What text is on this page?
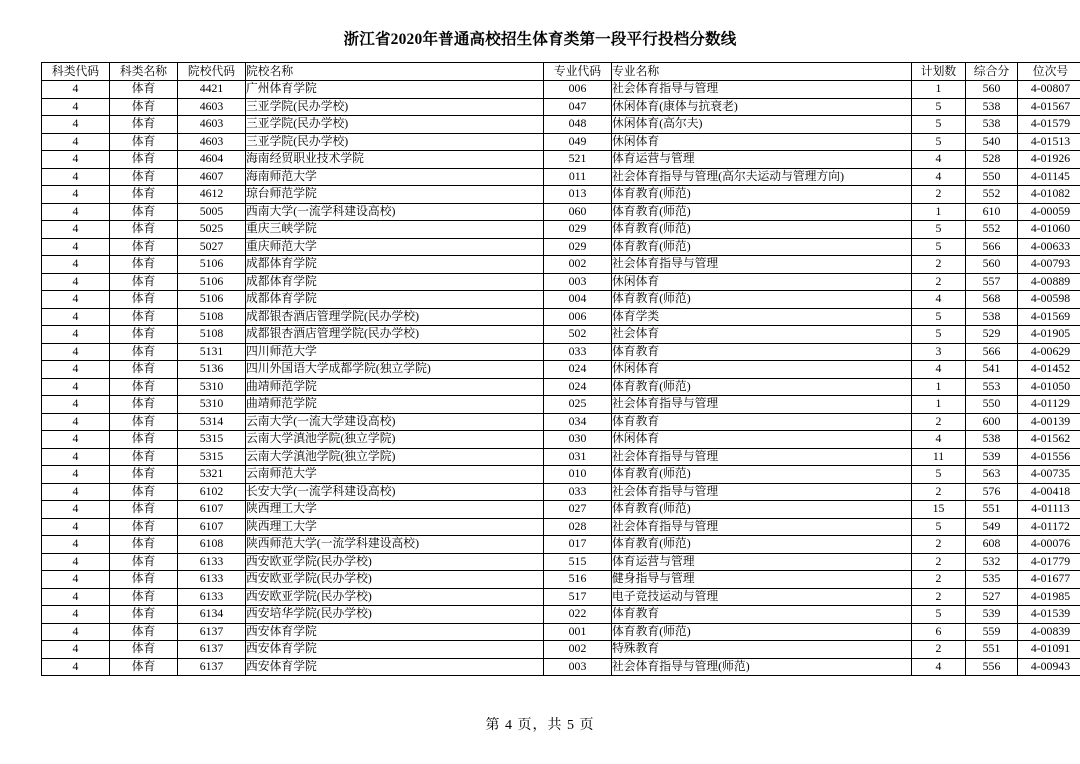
浙江省2020年普通高校招生体育类第一段平行投档分数线
科类代码	科类名称	院校代码	院校名称	专业代码	专业名称	计划数	综合分	位次号
4	体育	4421	广州体育学院	006	社会体育指导与管理	1	560	4-00807
4	体育	4603	三亚学院(民办学校)	047	休闲体育(康体与抗衰老)	5	538	4-01567
4	体育	4603	三亚学院(民办学校)	048	休闲体育(高尔夫)	5	538	4-01579
4	体育	4603	三亚学院(民办学校)	049	休闲体育	5	540	4-01513
4	体育	4604	海南经贸职业技术学院	521	体育运营与管理	4	528	4-01926
4	体育	4607	海南师范大学	011	社会体育指导与管理(高尔夫运动与管理方向)	4	550	4-01145
4	体育	4612	琼台师范学院	013	体育教育(师范)	2	552	4-01082
4	体育	5005	西南大学(一流学科建设高校)	060	体育教育(师范)	1	610	4-00059
4	体育	5025	重庆三峡学院	029	体育教育(师范)	5	552	4-01060
4	体育	5027	重庆师范大学	029	体育教育(师范)	5	566	4-00633
4	体育	5106	成都体育学院	002	社会体育指导与管理	2	560	4-00793
4	体育	5106	成都体育学院	003	休闲体育	2	557	4-00889
4	体育	5106	成都体育学院	004	体育教育(师范)	4	568	4-00598
4	体育	5108	成都银杏酒店管理学院(民办学校)	006	体育学类	5	538	4-01569
4	体育	5108	成都银杏酒店管理学院(民办学校)	502	社会体育	5	529	4-01905
4	体育	5131	四川师范大学	033	体育教育	3	566	4-00629
4	体育	5136	四川外国语大学成都学院(独立学院)	024	休闲体育	4	541	4-01452
4	体育	5310	曲靖师范学院	024	体育教育(师范)	1	553	4-01050
4	体育	5310	曲靖师范学院	025	社会体育指导与管理	1	550	4-01129
4	体育	5314	云南大学(一流大学建设高校)	034	体育教育	2	600	4-00139
4	体育	5315	云南大学滇池学院(独立学院)	030	休闲体育	4	538	4-01562
4	体育	5315	云南大学滇池学院(独立学院)	031	社会体育指导与管理	11	539	4-01556
4	体育	5321	云南师范大学	010	体育教育(师范)	5	563	4-00735
4	体育	6102	长安大学(一流学科建设高校)	033	社会体育指导与管理	2	576	4-00418
4	体育	6107	陕西理工大学	027	体育教育(师范)	15	551	4-01113
4	体育	6107	陕西理工大学	028	社会体育指导与管理	5	549	4-01172
4	体育	6108	陕西师范大学(一流学科建设高校)	017	体育教育(师范)	2	608	4-00076
4	体育	6133	西安欧亚学院(民办学校)	515	体育运营与管理	2	532	4-01779
4	体育	6133	西安欧亚学院(民办学校)	516	健身指导与管理	2	535	4-01677
4	体育	6133	西安欧亚学院(民办学校)	517	电子竞技运动与管理	2	527	4-01985
4	体育	6134	西安培华学院(民办学校)	022	体育教育	5	539	4-01539
4	体育	6137	西安体育学院	001	体育教育(师范)	6	559	4-00839
4	体育	6137	西安体育学院	002	特殊教育	2	551	4-01091
4	体育	6137	西安体育学院	003	社会体育指导与管理(师范)	4	556	4-00943
第 4 页，共 5 页
